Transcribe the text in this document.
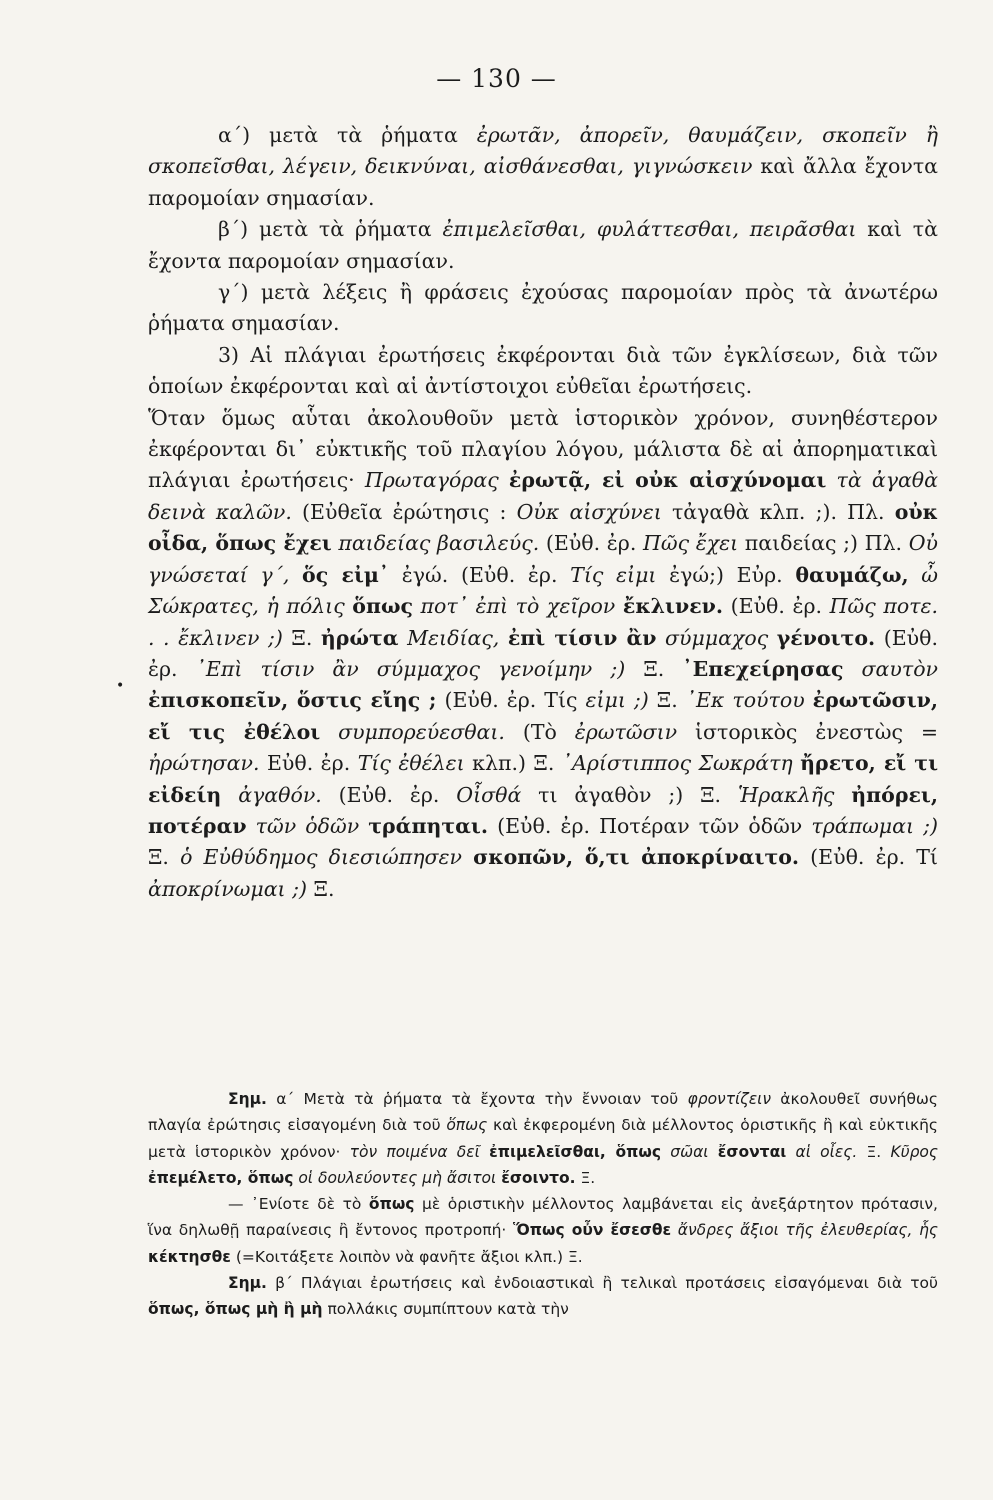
— 130 —
•

α΄) μετὰ τὰ ῥήματα ἐρωτᾶν, ἀπορεῖν, θαυμάζειν, σκοπεῖν ἢ σκοπεῖσθαι, λέγειν, δεικνύναι, αἰσθάνεσθαι, γιγνώσκειν καὶ ἄλλα ἔχοντα παρομοίαν σημασίαν.

β΄) μετὰ τὰ ῥήματα ἐπιμελεῖσθαι, φυλάττεσθαι, πειρᾶσθαι καὶ τὰ ἔχοντα παρομοίαν σημασίαν.

γ΄) μετὰ λέξεις ἢ φράσεις ἐχούσας παρομοίαν πρὸς τὰ ἀνωτέρω ῥήματα σημασίαν.

3) Αἱ πλάγιαι ἐρωτήσεις ἐκφέρονται διὰ τῶν ἐγκλίσεων, διὰ τῶν ὁποίων ἐκφέρονται καὶ αἱ ἀντίστοιχοι εὐθεῖαι ἐρωτήσεις.

Ὅταν ὅμως αὗται ἀκολουθοῦν μετὰ ἱστορικὸν χρόνον, συνηθέστερον ἐκφέρονται δι᾿ εὐκτικῆς τοῦ πλαγίου λόγου, μάλιστα δὲ αἱ ἀπορηματικαὶ πλάγιαι ἐρωτήσεις· Πρωταγόρας ἐρωτᾷ, εἰ οὐκ αἰσχύνομαι τὰ ἀγαθὰ δεινὰ καλῶν. (Εὐθεῖα ἐρώτησις : Οὐκ αἰσχύνει τἀγαθὰ κλπ. ;). Πλ. οὐκ οἶδα, ὅπως ἔχει παιδείας βασιλεύς. (Εὐθ. ἐρ. Πῶς ἔχει παιδείας ;) Πλ. Οὐ γνώσεταί γ΄, ὅς εἰμ᾿ ἐγώ. (Εὐθ. ἐρ. Τίς εἰμι ἐγώ;) Εὐρ. θαυμάζω, ὦ Σώκρατες, ἡ πόλις ὅπως ποτ᾿ ἐπὶ τὸ χεῖρον ἔκλινεν. (Εὐθ. ἐρ. Πῶς ποτε. . . ἔκλινεν ;) Ξ. ἠρώτα Μειδίας, ἐπὶ τίσιν ἂν σύμμαχος γένοιτο. (Εὐθ. ἐρ. ᾿Επὶ τίσιν ἂν σύμμαχος γενοίμην ;) Ξ. ᾿Επεχείρησας σαυτὸν ἐπισκοπεῖν, ὅστις εἴης ; (Εὐθ. ἐρ. Τίς εἰμι ;) Ξ. ᾿Εκ τούτου ἐρωτῶσιν, εἴ τις ἐθέλοι συμπορεύεσθαι. (Τὸ ἐρωτῶσιν ἱστορικὸς ἐνεστὼς = ἠρώτησαν. Εὐθ. ἐρ. Τίς ἐθέλει κλπ.) Ξ. ᾿Αρίστιππος Σωκράτη ἤρετο, εἴ τι εἰδείη ἀγαθόν. (Εὐθ. ἐρ. Οἶσθά τι ἀγαθὸν ;) Ξ. Ἡρακλῆς ἠπόρει, ποτέραν τῶν ὁδῶν τράπηται. (Εὐθ. ἐρ. Ποτέραν τῶν ὁδῶν τράπωμαι ;) Ξ. ὁ Εὐθύδημος διεσιώπησεν σκοπῶν, ὅ,τι ἀποκρίναιτο. (Εὐθ. ἐρ. Τί ἀποκρίνωμαι ;) Ξ.

Σημ. α΄ Μετὰ τὰ ῥήματα τὰ ἔχοντα τὴν ἔννοιαν τοῦ φροντίζειν ἀκολουθεῖ συνήθως πλαγία ἐρώτησις εἰσαγομένη διὰ τοῦ ὅπως καὶ ἐκφερομένη διὰ μέλλοντος ὁριστικῆς ἢ καὶ εὐκτικῆς μετὰ ἱστορικὸν χρόνον· τὸν ποιμένα δεῖ ἐπιμελεῖσθαι, ὅπως σῶαι ἔσονται αἱ οἶες. Ξ. Κῦρος ἐπεμέλετο, ὅπως οἱ δουλεύοντες μὴ ἄσιτοι ἔσοιντο. Ξ.

— ᾿Ενίοτε δὲ τὸ ὅπως μὲ ὁριστικὴν μέλλοντος λαμβάνεται εἰς ἀνεξάρτητον πρότασιν, ἵνα δηλωθῇ παραίνεσις ἢ ἔντονος προτροπή· Ὅπως οὖν ἔσεσθε ἄνδρες ἄξιοι τῆς ἐλευθερίας, ἧς κέκτησθε (=Κοιτάξετε λοιπὸν νὰ φανῆτε ἄξιοι κλπ.) Ξ.

Σημ. β΄ Πλάγιαι ἐρωτήσεις καὶ ἐνδοιαστικαὶ ἢ τελικαὶ προτάσεις εἰσαγόμεναι διὰ τοῦ ὅπως, ὅπως μὴ ἢ μὴ πολλάκις συμπίπτουν κατὰ τὴν
